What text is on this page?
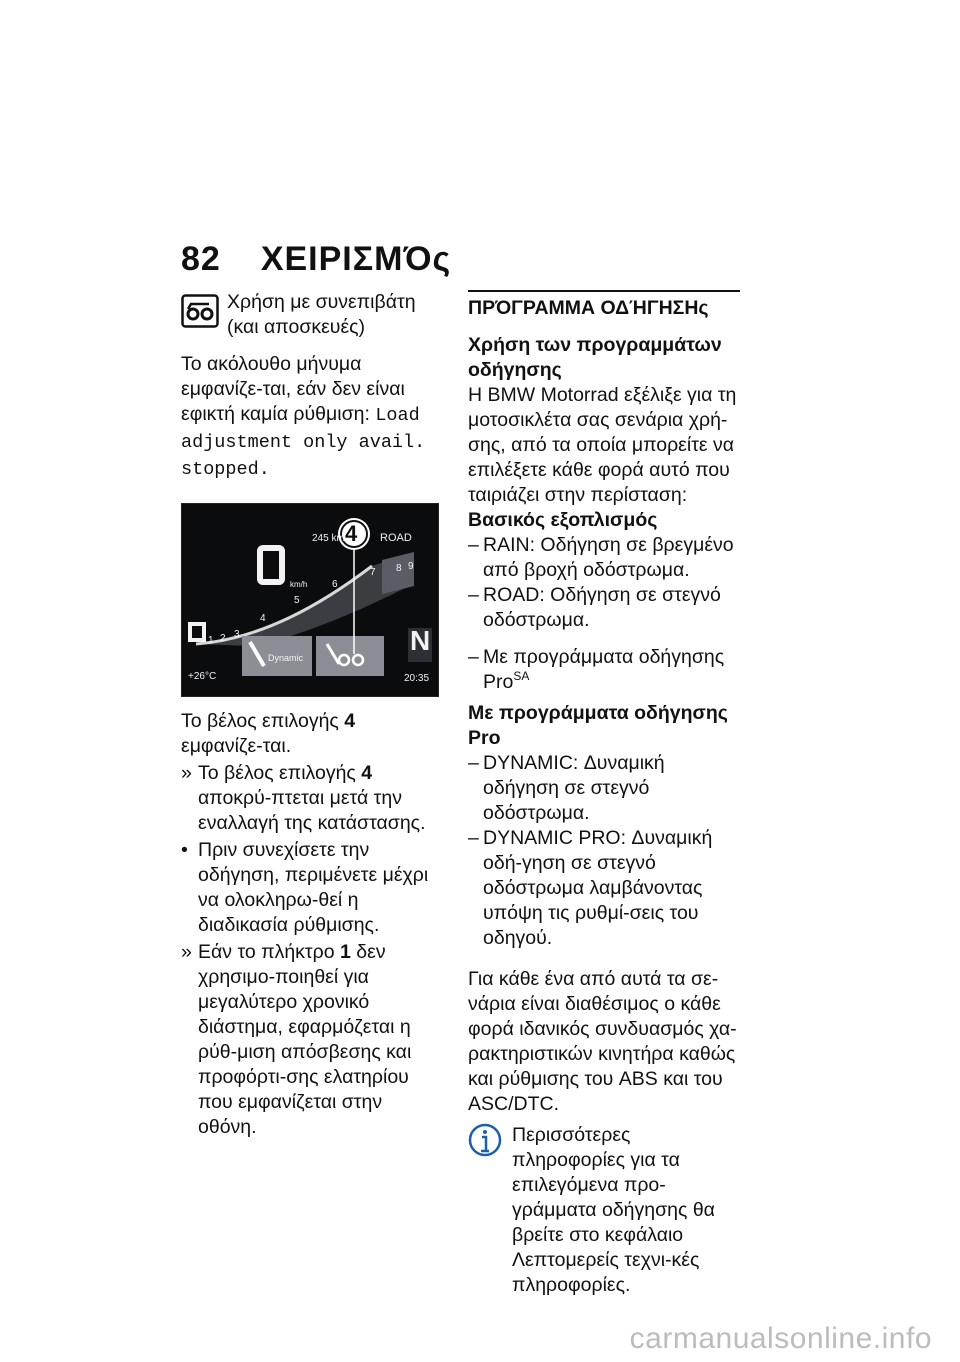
82 ΧΕΙΡΙΣΜΌς

Χρήση με συνεπιβάτη (και αποσκευές)

Το ακόλουθο μήνυμα εμφανίζε-ται, εάν δεν είναι εφικτή καμία ρύθμιση: Load adjustment only avail. stopped.

245 km	ROAD
4
km/h
1 2 3
4
5
6
7 8 9
N
Dynamic
+26°C	20:35

Το βέλος επιλογής 4 εμφανίζε-ται.

» Το βέλος επιλογής 4 αποκρύ-πτεται μετά την εναλλαγή της κατάστασης.
• Πριν συνεχίσετε την οδήγηση, περιμένετε μέχρι να ολοκληρω-θεί η διαδικασία ρύθμισης.
» Εάν το πλήκτρο 1 δεν χρησιμο-ποιηθεί για μεγαλύτερο χρονικό διάστημα, εφαρμόζεται η ρύθ-μιση απόσβεσης και προφόρτι-σης ελατηρίου που εμφανίζεται στην οθόνη.
ΠΡΌΓΡΑΜΜΑ ΟΔΉΓΗΣΗς

Χρήση των προγραμμάτων οδήγησης

Η BMW Motorrad εξέλιξε για τη μοτοσικλέτα σας σενάρια χρή-σης, από τα οποία μπορείτε να επιλέξετε κάθε φορά αυτό που ταιριάζει στην περίσταση:

Βασικός εξοπλισμός

– RAIN: Οδήγηση σε βρεγμένο από βροχή οδόστρωμα.
– ROAD: Οδήγηση σε στεγνό οδόστρωμα.
– Με προγράμματα οδήγησης Pro$^{SA}$

Με προγράμματα οδήγησης Pro

– DYNAMIC: Δυναμική οδήγηση σε στεγνό οδόστρωμα.
– DYNAMIC PRO: Δυναμική οδή-γηση σε στεγνό οδόστρωμα λαμβάνοντας υπόψη τις ρυθμί-σεις του οδηγού.

Για κάθε ένα από αυτά τα σε-νάρια είναι διαθέσιμος ο κάθε φορά ιδανικός συνδυασμός χα-ρακτηριστικών κινητήρα καθώς και ρύθμισης του ABS και του ASC/DTC.

Περισσότερες πληροφορίες για τα επιλεγόμενα προ-γράμματα οδήγησης θα βρείτε στο κεφάλαιο Λεπτομερείς τεχνι-κές πληροφορίες.

carmanualsonline.info
